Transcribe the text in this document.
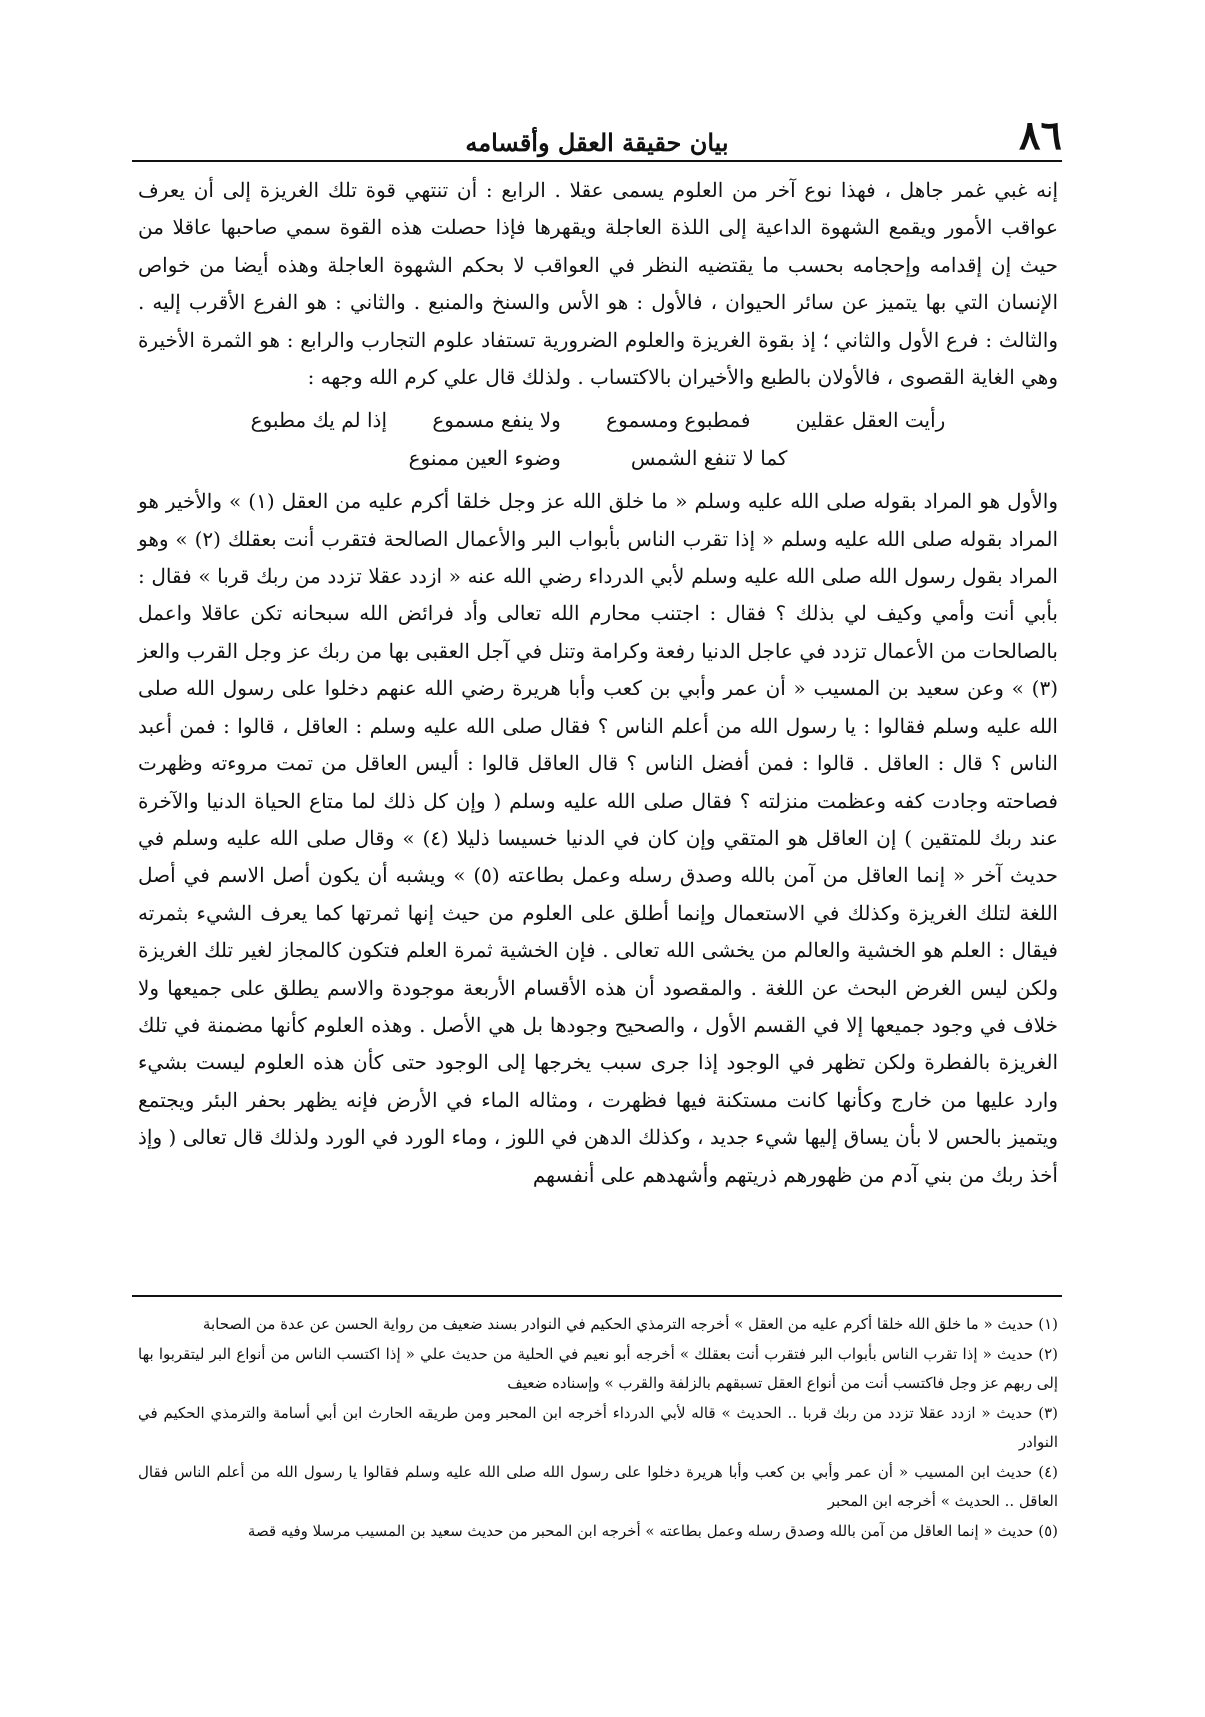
٨٦
بيان حقيقة العقل وأقسامه

إنه غبي غمر جاهل ، فهذا نوع آخر من العلوم يسمى عقلا . الرابع : أن تنتهي قوة تلك الغريزة إلى أن يعرف عواقب الأمور ويقمع الشهوة الداعية إلى اللذة العاجلة ويقهرها فإذا حصلت هذه القوة سمي صاحبها عاقلا من حيث إن إقدامه وإحجامه بحسب ما يقتضيه النظر في العواقب لا بحكم الشهوة العاجلة وهذه أيضا من خواص الإنسان التي بها يتميز عن سائر الحيوان ، فالأول : هو الأس والسنخ والمنبع . والثاني : هو الفرع الأقرب إليه . والثالث : فرع الأول والثاني ؛ إذ بقوة الغريزة والعلوم الضرورية تستفاد علوم التجارب والرابع : هو الثمرة الأخيرة وهي الغاية القصوى ، فالأولان بالطبع والأخيران بالاكتساب . ولذلك قال علي كرم الله وجهه :

رأيت العقل عقلين
فمطبوع ومسموع
ولا ينفع مسموع
إذا لم يك مطبوع
كما لا تنفع الشمس
وضوء العين ممنوع

والأول هو المراد بقوله صلى الله عليه وسلم « ما خلق الله عز وجل خلقا أكرم عليه من العقل (١) » والأخير هو المراد بقوله صلى الله عليه وسلم « إذا تقرب الناس بأبواب البر والأعمال الصالحة فتقرب أنت بعقلك (٢) » وهو المراد بقول رسول الله صلى الله عليه وسلم لأبي الدرداء رضي الله عنه « ازدد عقلا تزدد من ربك قربا » فقال : بأبي أنت وأمي وكيف لي بذلك ؟ فقال : اجتنب محارم الله تعالى وأد فرائض الله سبحانه تكن عاقلا واعمل بالصالحات من الأعمال تزدد في عاجل الدنيا رفعة وكرامة وتنل في آجل العقبى بها من ربك عز وجل القرب والعز (٣) » وعن سعيد بن المسيب « أن عمر وأبي بن كعب وأبا هريرة رضي الله عنهم دخلوا على رسول الله صلى الله عليه وسلم فقالوا : يا رسول الله من أعلم الناس ؟ فقال صلى الله عليه وسلم : العاقل ، قالوا : فمن أعبد الناس ؟ قال : العاقل . قالوا : فمن أفضل الناس ؟ قال العاقل قالوا : أليس العاقل من تمت مروءته وظهرت فصاحته وجادت كفه وعظمت منزلته ؟ فقال صلى الله عليه وسلم ( وإن كل ذلك لما متاع الحياة الدنيا والآخرة عند ربك للمتقين ) إن العاقل هو المتقي وإن كان في الدنيا خسيسا ذليلا (٤) » وقال صلى الله عليه وسلم في حديث آخر « إنما العاقل من آمن بالله وصدق رسله وعمل بطاعته (٥) » ويشبه أن يكون أصل الاسم في أصل اللغة لتلك الغريزة وكذلك في الاستعمال وإنما أطلق على العلوم من حيث إنها ثمرتها كما يعرف الشيء بثمرته فيقال : العلم هو الخشية والعالم من يخشى الله تعالى . فإن الخشية ثمرة العلم فتكون كالمجاز لغير تلك الغريزة ولكن ليس الغرض البحث عن اللغة . والمقصود أن هذه الأقسام الأربعة موجودة والاسم يطلق على جميعها ولا خلاف في وجود جميعها إلا في القسم الأول ، والصحيح وجودها بل هي الأصل . وهذه العلوم كأنها مضمنة في تلك الغريزة بالفطرة ولكن تظهر في الوجود إذا جرى سبب يخرجها إلى الوجود حتى كأن هذه العلوم ليست بشيء وارد عليها من خارج وكأنها كانت مستكنة فيها فظهرت ، ومثاله الماء في الأرض فإنه يظهر بحفر البئر ويجتمع ويتميز بالحس لا بأن يساق إليها شيء جديد ، وكذلك الدهن في اللوز ، وماء الورد في الورد ولذلك قال تعالى ( وإذ أخذ ربك من بني آدم من ظهورهم ذريتهم وأشهدهم على أنفسهم

(١) حديث « ما خلق الله خلقا أكرم عليه من العقل » أخرجه الترمذي الحكيم في النوادر بسند ضعيف من رواية الحسن عن عدة من الصحابة

(٢) حديث « إذا تقرب الناس بأبواب البر فتقرب أنت بعقلك » أخرجه أبو نعيم في الحلية من حديث علي « إذا اكتسب الناس من أنواع البر ليتقربوا بها إلى ربهم عز وجل فاكتسب أنت من أنواع العقل تسبقهم بالزلفة والقرب » وإسناده ضعيف

(٣) حديث « ازدد عقلا تزدد من ربك قربا .. الحديث » قاله لأبي الدرداء أخرجه ابن المحبر ومن طريقه الحارث ابن أبي أسامة والترمذي الحكيم في النوادر

(٤) حديث ابن المسيب « أن عمر وأبي بن كعب وأبا هريرة دخلوا على رسول الله صلى الله عليه وسلم فقالوا يا رسول الله من أعلم الناس فقال العاقل .. الحديث » أخرجه ابن المحبر

(٥) حديث « إنما العاقل من آمن بالله وصدق رسله وعمل بطاعته » أخرجه ابن المحبر من حديث سعيد بن المسيب مرسلا وفيه قصة
